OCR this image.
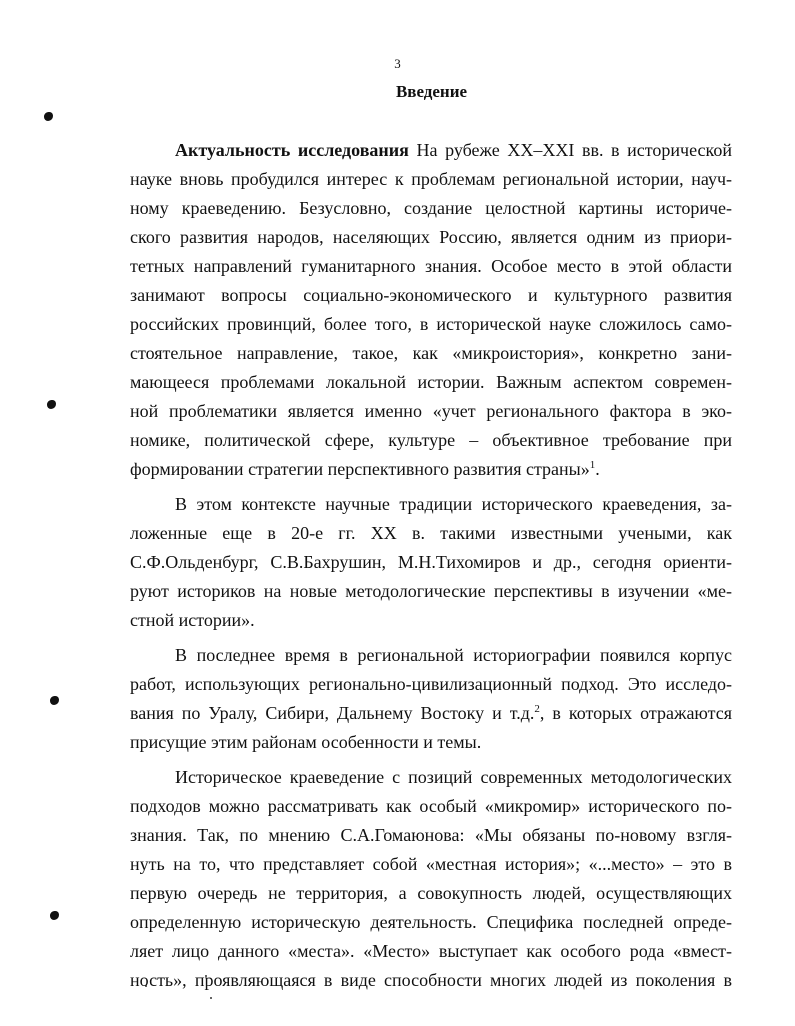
3
Введение
Актуальность исследования На рубеже XX–XXI вв. в исторической
науке вновь пробудился интерес к проблемам региональной истории, науч-
ному краеведению. Безусловно, создание целостной картины историче-
ского развития народов, населяющих Россию, является одним из приори-
тетных направлений гуманитарного знания. Особое место в этой области
занимают вопросы социально-экономического и культурного развития
российских провинций, более того, в исторической науке сложилось само-
стоятельное направление, такое, как «микроистория», конкретно зани-
мающееся проблемами локальной истории. Важным аспектом современ-
ной проблематики является именно «учет регионального фактора в эко-
номике, политической сфере, культуре – объективное требование при
формировании стратегии перспективного развития страны»$^1$.
В этом контексте научные традиции исторического краеведения, за-
ложенные еще в 20-е гг. XX в. такими известными учеными, как
С.Ф.Ольденбург, С.В.Бахрушин, М.Н.Тихомиров и др., сегодня ориенти-
руют историков на новые методологические перспективы в изучении «ме-
стной истории».
В последнее время в региональной историографии появился корпус
работ, использующих регионально-цивилизационный подход. Это исследо-
вания по Уралу, Сибири, Дальнему Востоку и т.д.$^2$, в которых отражаются
присущие этим районам особенности и темы.
Историческое краеведение с позиций современных методологических
подходов можно рассматривать как особый «микромир» исторического по-
знания. Так, по мнению С.А.Гомаюнова: «Мы обязаны по-новому взгля-
нуть на то, что представляет собой «местная история»; «...место» – это в
первую очередь не территория, а совокупность людей, осуществляющих
определенную историческую деятельность. Специфика последней опреде-
ляет лицо данного «места». «Место» выступает как особого рода «вмест-
ность», проявляющаяся в виде способности многих людей из поколения в
